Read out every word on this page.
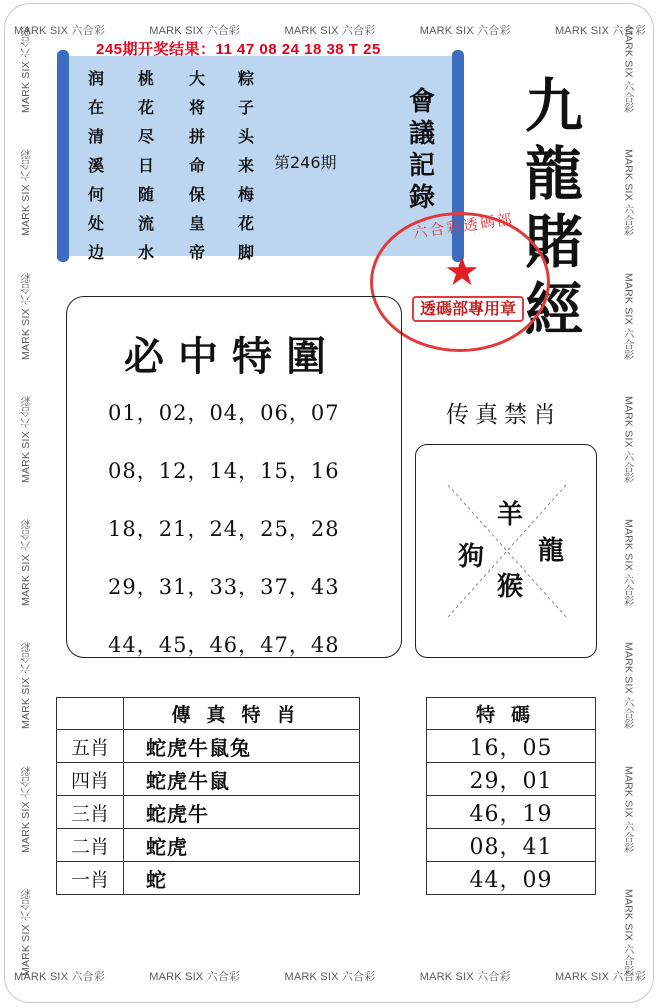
MARK SIX 六合彩	MARK SIX 六合彩	MARK SIX 六合彩	MARK SIX 六合彩	MARK SIX 六合彩
MARK SIX 六合彩	MARK SIX 六合彩	MARK SIX 六合彩	MARK SIX 六合彩	MARK SIX 六合彩
MARK SIX 六合彩
MARK SIX 六合彩
MARK SIX 六合彩
MARK SIX 六合彩
MARK SIX 六合彩
MARK SIX 六合彩
MARK SIX 六合彩
MARK SIX 六合彩
MARK SIX 六合彩
MARK SIX 六合彩
MARK SIX 六合彩
MARK SIX 六合彩
MARK SIX 六合彩
MARK SIX 六合彩
MARK SIX 六合彩
MARK SIX 六合彩
245期开奖结果：11 47 08 24 18 38 T 25
润在清溪何处边
桃花尽日随流水
大将拼命保皇帝
粽子头来梅花脚
第246期
會議記錄
九龍賭經
六合彩透碼部
★
透碼部專用章
必中特圍
01，02，04，06，07
08，12，14，15，16
18，21，24，25，28
29，31，33，37，43
44，45，46，47，48
传真禁肖
羊
狗 龍
猴
	傳真特肖
五肖	蛇虎牛鼠兔
四肖	蛇虎牛鼠
三肖	蛇虎牛
二肖	蛇虎
一肖	蛇
特碼
16，05
29，01
46，19
08，41
44，09
